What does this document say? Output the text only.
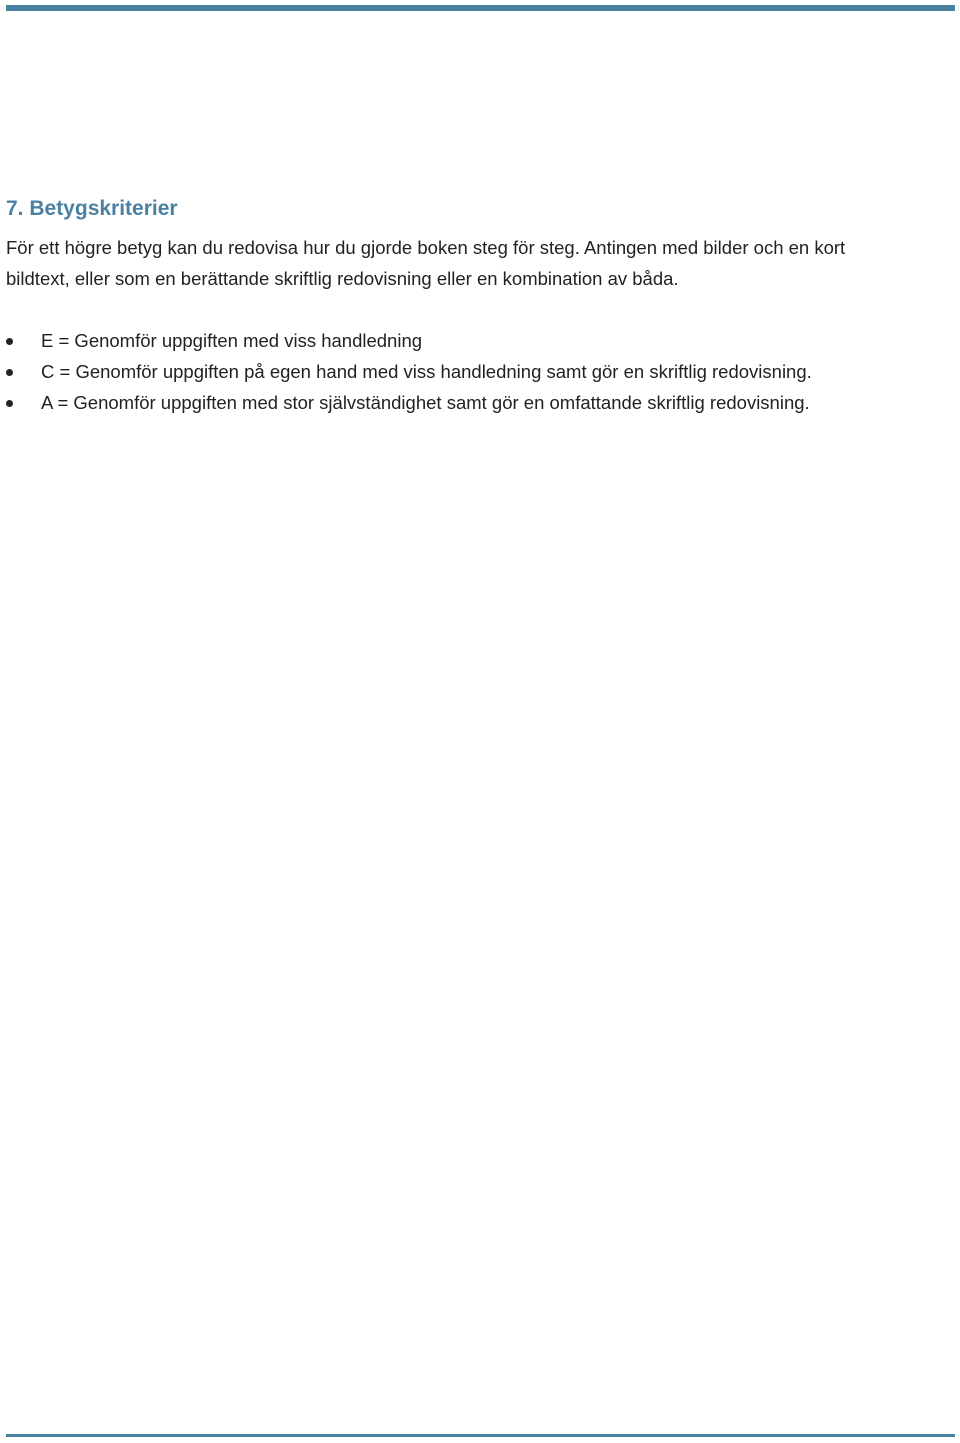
7. Betygskriterier

För ett högre betyg kan du redovisa hur du gjorde boken steg för steg. Antingen med bilder och en kort
bildtext, eller som en berättande skriftlig redovisning eller en kombination av båda.

E = Genomför uppgiften med viss handledning
C = Genomför uppgiften på egen hand med viss handledning samt gör en skriftlig redovisning.
A = Genomför uppgiften med stor självständighet samt gör en omfattande skriftlig redovisning.
